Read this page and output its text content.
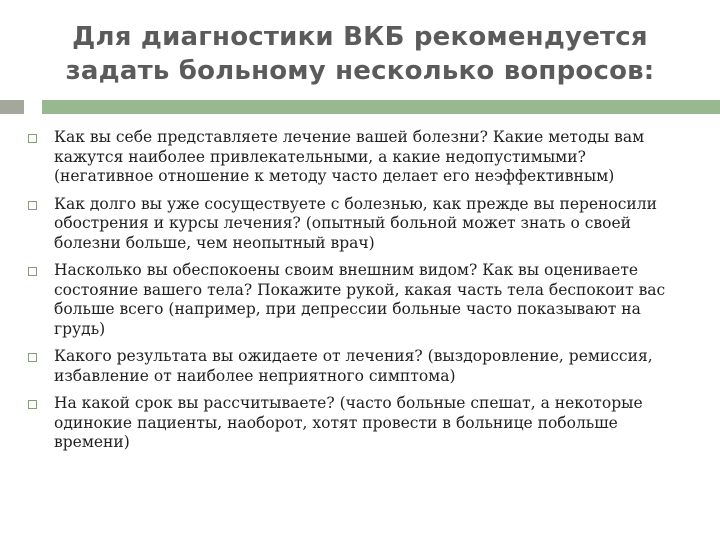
Для диагностики ВКБ рекомендуется
задать больному несколько вопросов:
Как вы себе представляете лечение вашей болезни? Какие методы вам кажутся наиболее привлекательными, а какие недопустимыми? (негативное отношение к методу часто делает его неэффективным)
Как долго вы уже сосуществуете с болезнью, как прежде вы переносили обострения и курсы лечения? (опытный больной может знать о своей болезни больше, чем неопытный врач)
Насколько вы обеспокоены своим внешним видом? Как вы оцениваете состояние вашего тела? Покажите рукой, какая часть тела беспокоит вас больше всего (например, при депрессии больные часто показывают на грудь)
Какого результата вы ожидаете от лечения? (выздоровление, ремиссия, избавление от наиболее неприятного симптома)
На какой срок вы рассчитываете? (часто больные спешат, а некоторые одинокие пациенты, наоборот, хотят провести в больнице побольше времени)
